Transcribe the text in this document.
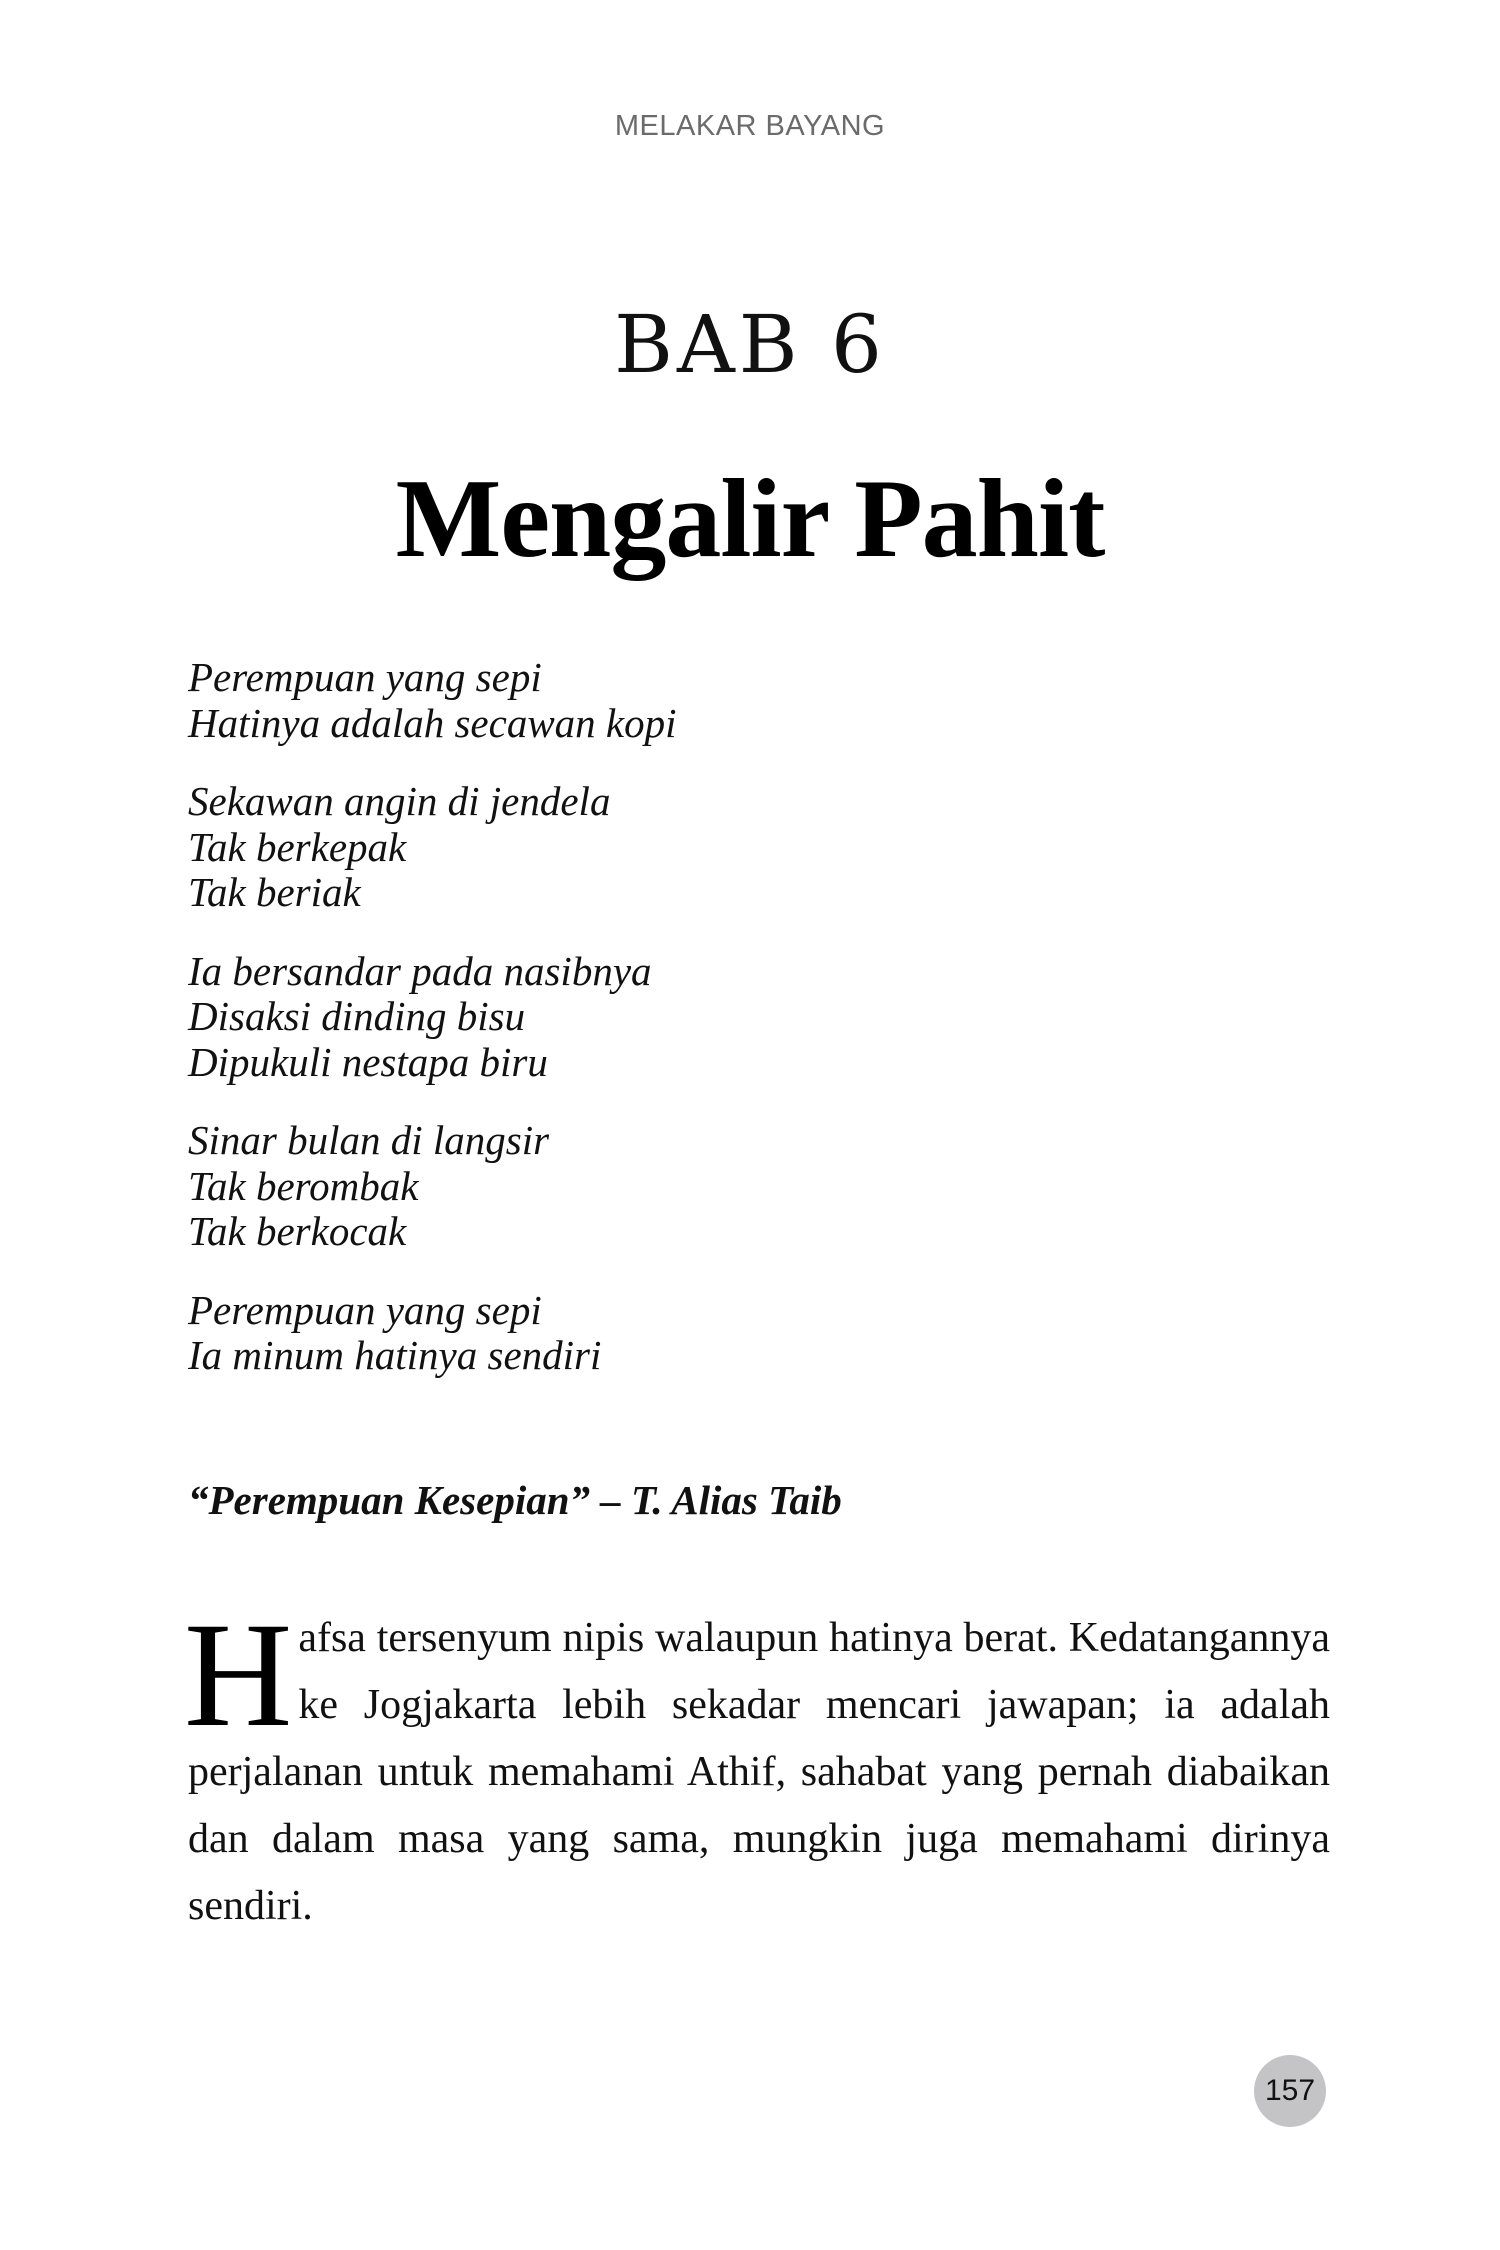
MELAKAR BAYANG
BAB 6
Mengalir Pahit
Perempuan yang sepi
Hatinya adalah secawan kopi
Sekawan angin di jendela
Tak berkepak
Tak beriak
Ia bersandar pada nasibnya
Disaksi dinding bisu
Dipukuli nestapa biru
Sinar bulan di langsir
Tak berombak
Tak berkocak
Perempuan yang sepi
Ia minum hatinya sendiri
“Perempuan Kesepian” – T. Alias Taib
Hafsa tersenyum nipis walaupun hatinya berat. Kedatangannya ke Jogjakarta lebih sekadar mencari jawapan; ia adalah perjalanan untuk memahami Athif, sahabat yang pernah diabaikan dan dalam masa yang sama, mungkin juga memahami dirinya sendiri.
157
